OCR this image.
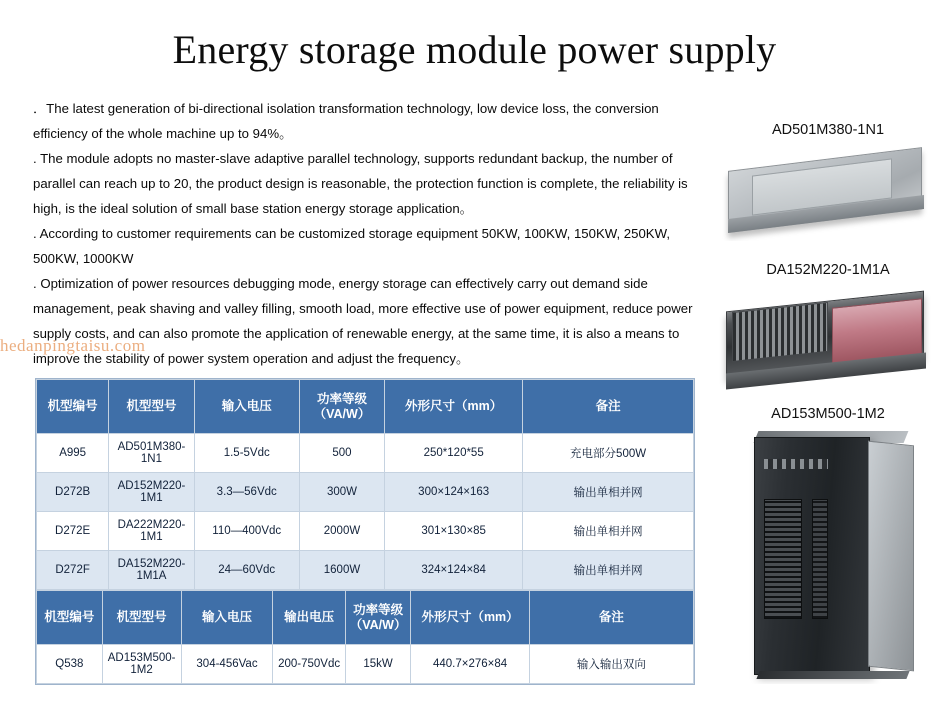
Energy storage module power supply

．The latest generation of bi-directional isolation transformation technology, low device loss, the conversion efficiency of the whole machine up to 94%。

. The module adopts no master-slave adaptive parallel technology, supports redundant backup, the number of parallel can reach up to 20, the product design is reasonable, the protection function is complete, the reliability is high, is the ideal solution of small base station energy storage application。

. According to customer requirements can be customized storage equipment 50KW, 100KW, 150KW, 250KW, 500KW, 1000KW

. Optimization of power resources debugging mode, energy storage can effectively carry out demand side management, peak shaving and valley filling, smooth load, more effective use of power equipment, reduce power supply costs, and can also promote the application of renewable energy, at the same time, it is also a means to improve the stability of power system operation and adjust the frequency。

hedanpingtaisu.com
机型编号	机型型号	输入电压	功率等级（VA/W）	外形尺寸（mm）	备注
A995	AD501M380-1N1	1.5-5Vdc	500	250*120*55	充电部分500W
D272B	AD152M220-1M1	3.3—56Vdc	300W	300×124×163	输出单相并网
D272E	DA222M220-1M1	110—400Vdc	2000W	301×130×85	输出单相并网
D272F	DA152M220-1M1A	24—60Vdc	1600W	324×124×84	输出单相并网
机型编号	机型型号	输入电压	输出电压	功率等级（VA/W）	外形尺寸（mm）	备注
Q538	AD153M500-1M2	304-456Vac	200-750Vdc	15kW	440.7×276×84	输入输出双向
AD501M380-1N1
DA152M220-1M1A
AD153M500-1M2
